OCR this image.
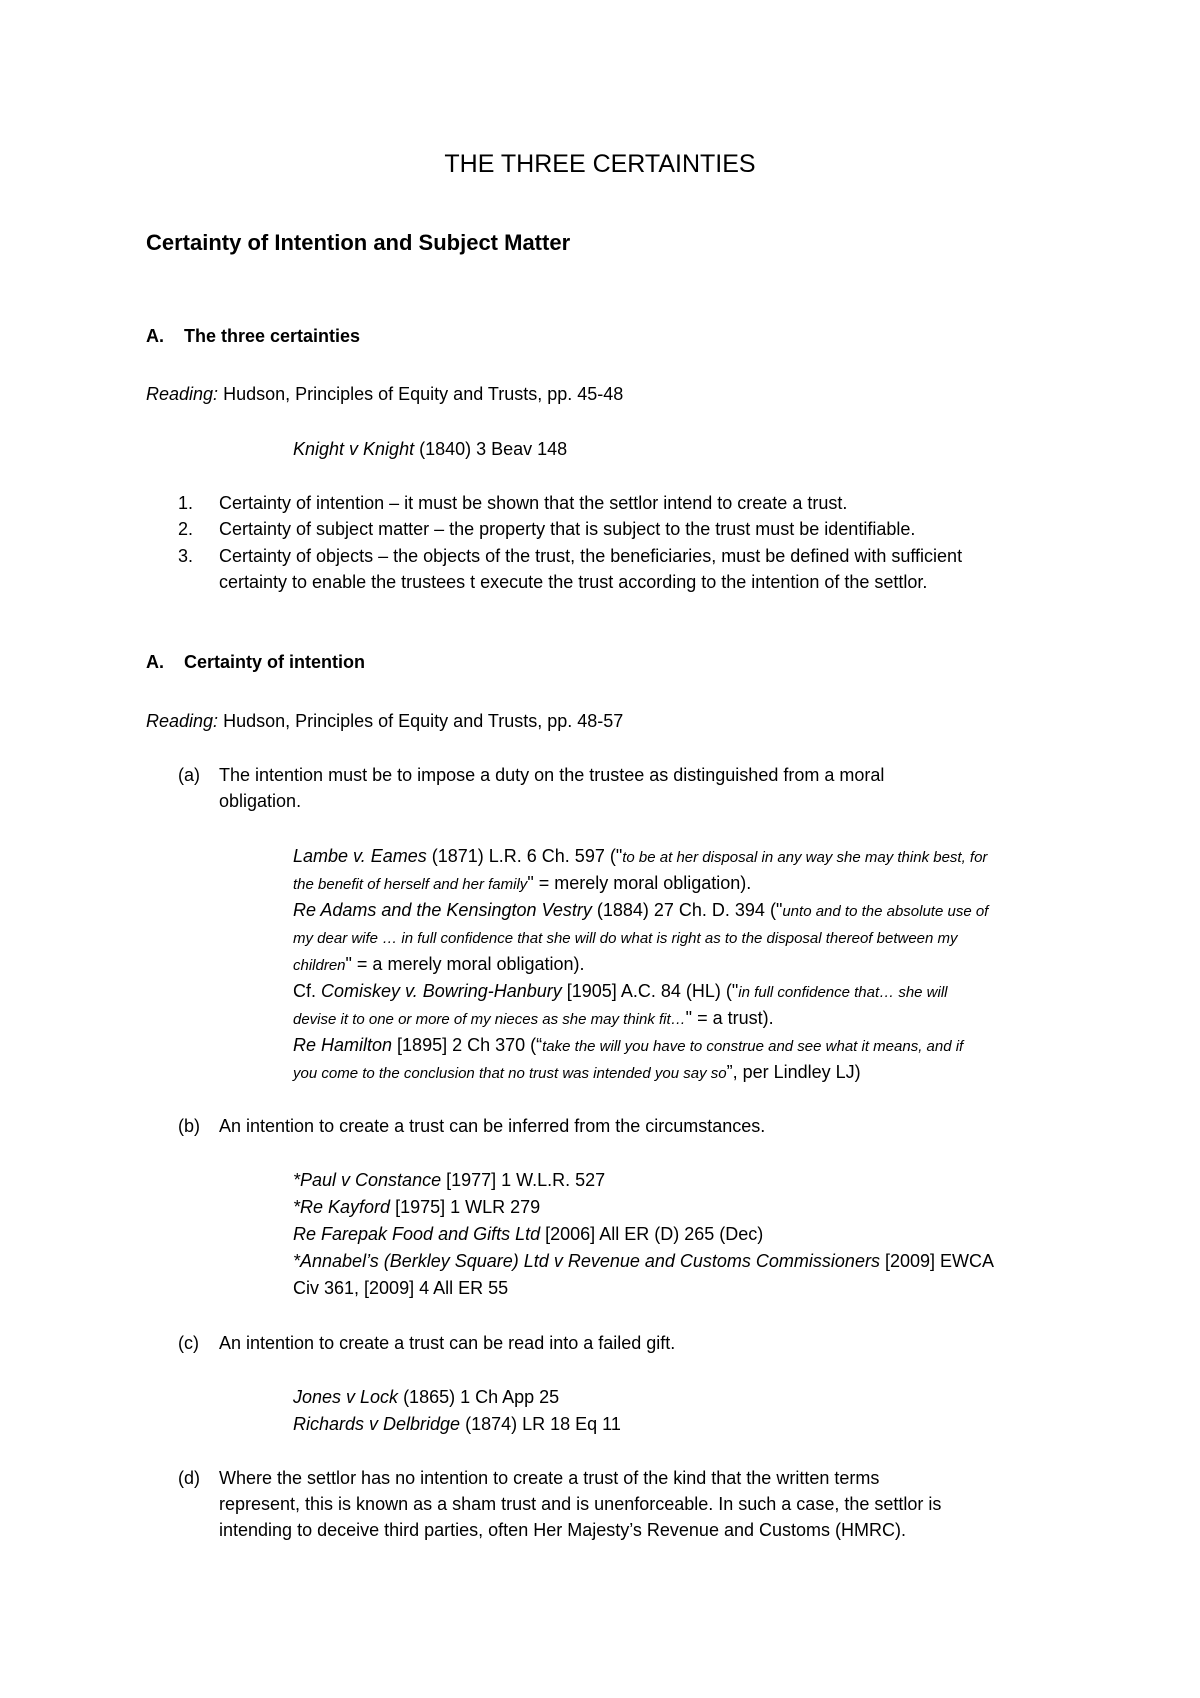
THE THREE CERTAINTIES
Certainty of Intention and Subject Matter
A. The three certainties
Reading: Hudson, Principles of Equity and Trusts, pp. 45-48
Knight v Knight (1840) 3 Beav 148
1. Certainty of intention – it must be shown that the settlor intend to create a trust.
2. Certainty of subject matter – the property that is subject to the trust must be identifiable.
3. Certainty of objects – the objects of the trust, the beneficiaries, must be defined with sufficient
certainty to enable the trustees t execute the trust according to the intention of the settlor.
A. Certainty of intention
Reading: Hudson, Principles of Equity and Trusts, pp. 48-57
(a) The intention must be to impose a duty on the trustee as distinguished from a moral
obligation.
Lambe v. Eames (1871) L.R. 6 Ch. 597 ("to be at her disposal in any way she may think best, for
the benefit of herself and her family" = merely moral obligation).
Re Adams and the Kensington Vestry (1884) 27 Ch. D. 394 ("unto and to the absolute use of
my dear wife … in full confidence that she will do what is right as to the disposal thereof between my
children" = a merely moral obligation).
Cf. Comiskey v. Bowring-Hanbury [1905] A.C. 84 (HL) ("in full confidence that… she will
devise it to one or more of my nieces as she may think fit…" = a trust).
Re Hamilton [1895] 2 Ch 370 (“take the will you have to construe and see what it means, and if
you come to the conclusion that no trust was intended you say so”, per Lindley LJ)
(b) An intention to create a trust can be inferred from the circumstances.
*Paul v Constance [1977] 1 W.L.R. 527
*Re Kayford [1975] 1 WLR 279
Re Farepak Food and Gifts Ltd [2006] All ER (D) 265 (Dec)
*Annabel’s (Berkley Square) Ltd v Revenue and Customs Commissioners [2009] EWCA
Civ 361, [2009] 4 All ER 55
(c) An intention to create a trust can be read into a failed gift.
Jones v Lock (1865) 1 Ch App 25
Richards v Delbridge (1874) LR 18 Eq 11
(d) Where the settlor has no intention to create a trust of the kind that the written terms
represent, this is known as a sham trust and is unenforceable. In such a case, the settlor is
intending to deceive third parties, often Her Majesty’s Revenue and Customs (HMRC).
